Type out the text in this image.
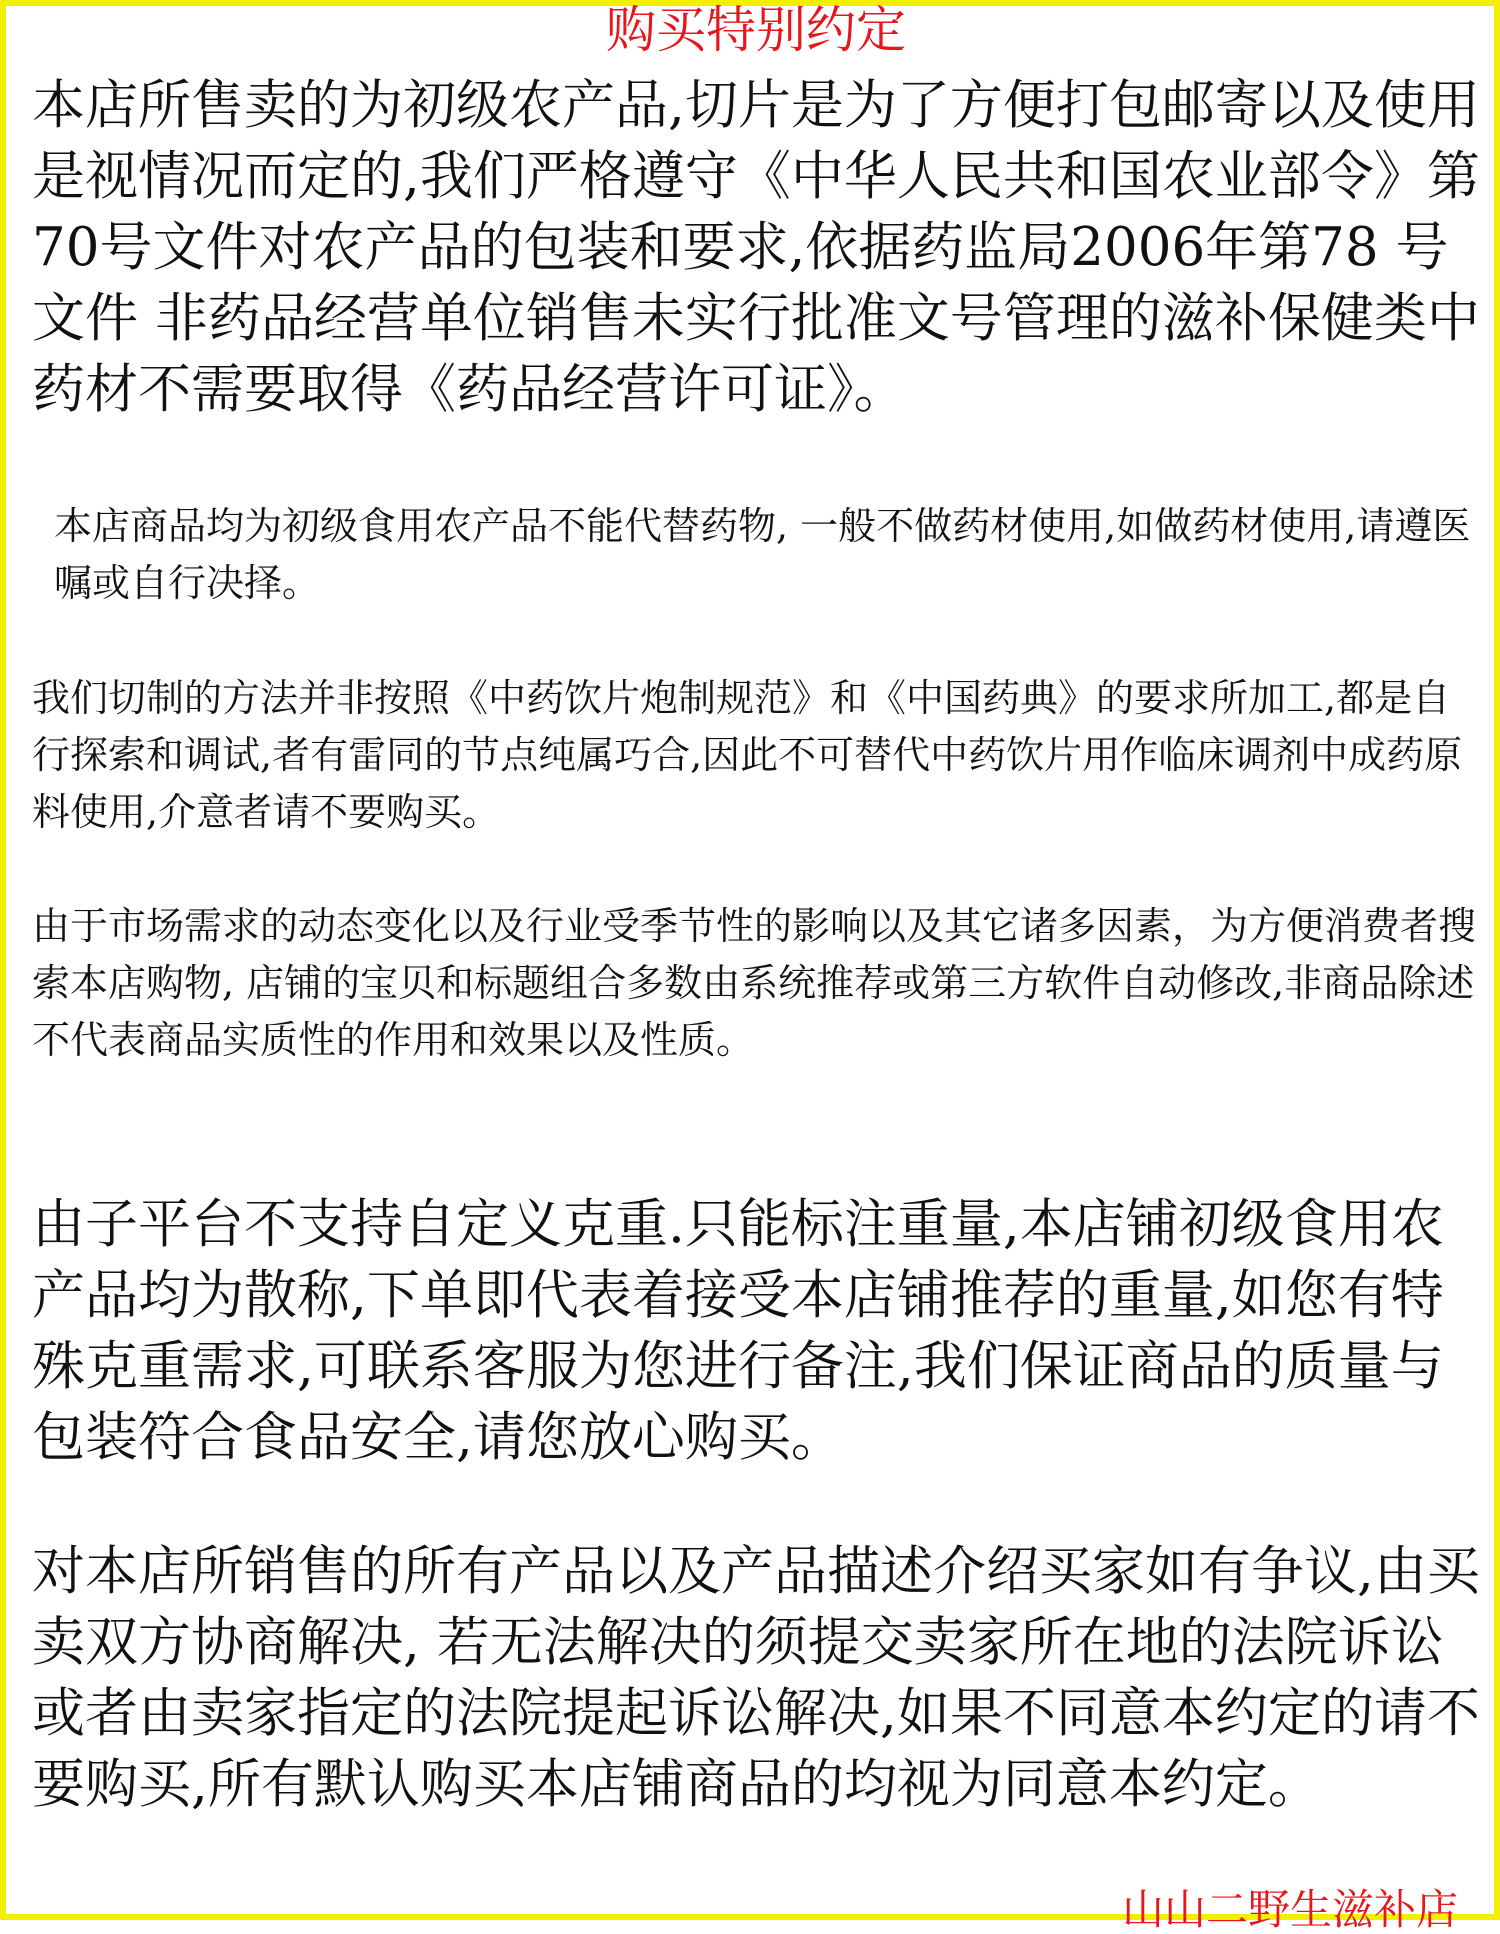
购买特别约定

本店所售卖的为初级农产品,切片是为了方便打包邮寄以及使用是视情况而定的,我们严格遵守《中华人民共和国农业部令》第70号文件对农产品的包装和要求,依据药监局2006年第78 号文件 非药品经营单位销售未实行批准文号管理的滋补保健类中药材不需要取得《药品经营许可证》。

本店商品均为初级食用农产品不能代替药物, 一般不做药材使用,如做药材使用,请遵医嘱或自行决择。

我们切制的方法并非按照《中药饮片炮制规范》和《中国药典》的要求所加工,都是自行探索和调试,者有雷同的节点纯属巧合,因此不可替代中药饮片用作临床调剂中成药原料使用,介意者请不要购买。

由于市场需求的动态变化以及行业受季节性的影响以及其它诸多因素，为方便消费者搜索本店购物, 店铺的宝贝和标题组合多数由系统推荐或第三方软件自动修改,非商品除述不代表商品实质性的作用和效果以及性质。

由子平台不支持自定义克重.只能标注重量,本店铺初级食用农产品均为散称,下单即代表着接受本店铺推荐的重量,如您有特殊克重需求,可联系客服为您进行备注,我们保证商品的质量与包装符合食品安全,请您放心购买。

对本店所销售的所有产品以及产品描述介绍买家如有争议,由买卖双方协商解决, 若无法解决的须提交卖家所在地的法院诉讼或者由卖家指定的法院提起诉讼解决,如果不同意本约定的请不要购买,所有默认购买本店铺商品的均视为同意本约定。

山山二野生滋补店
